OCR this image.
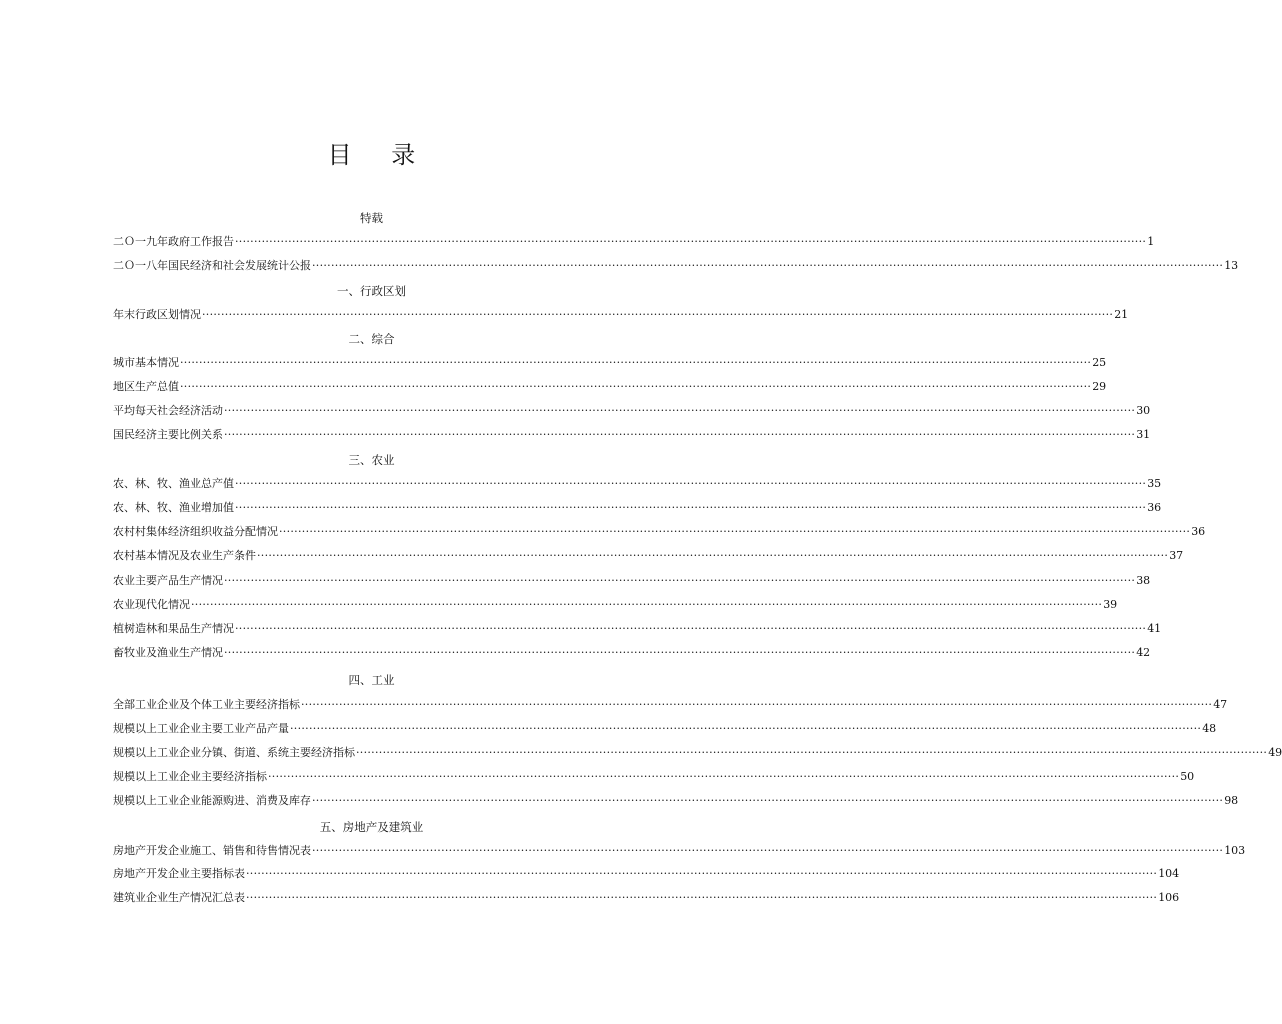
目 录
特载
二Ｏ一九年政府工作报告 ················································································································································································································································ 1
二Ｏ一八年国民经济和社会发展统计公报 ················································································································································································································································ 13
一、行政区划
年末行政区划情况 ················································································································································································································································ 21
二、综合
城市基本情况 ················································································································································································································································ 25
地区生产总值 ················································································································································································································································ 29
平均每天社会经济活动 ················································································································································································································································ 30
国民经济主要比例关系 ················································································································································································································································ 31
三、农业
农、林、牧、渔业总产值 ················································································································································································································································ 35
农、林、牧、渔业增加值 ················································································································································································································································ 36
农村村集体经济组织收益分配情况 ················································································································································································································································ 36
农村基本情况及农业生产条件 ················································································································································································································································ 37
农业主要产品生产情况 ················································································································································································································································ 38
农业现代化情况 ················································································································································································································································ 39
植树造林和果品生产情况 ················································································································································································································································ 41
畜牧业及渔业生产情况 ················································································································································································································································ 42
四、工业
全部工业企业及个体工业主要经济指标 ················································································································································································································································ 47
规模以上工业企业主要工业产品产量 ················································································································································································································································ 48
规模以上工业企业分镇、街道、系统主要经济指标 ················································································································································································································································ 49
规模以上工业企业主要经济指标 ················································································································································································································································ 50
规模以上工业企业能源购进、消费及库存 ················································································································································································································································ 98
五、房地产及建筑业
房地产开发企业施工、销售和待售情况表 ················································································································································································································································ 103
房地产开发企业主要指标表 ················································································································································································································································ 104
建筑业企业生产情况汇总表 ················································································································································································································································ 106
